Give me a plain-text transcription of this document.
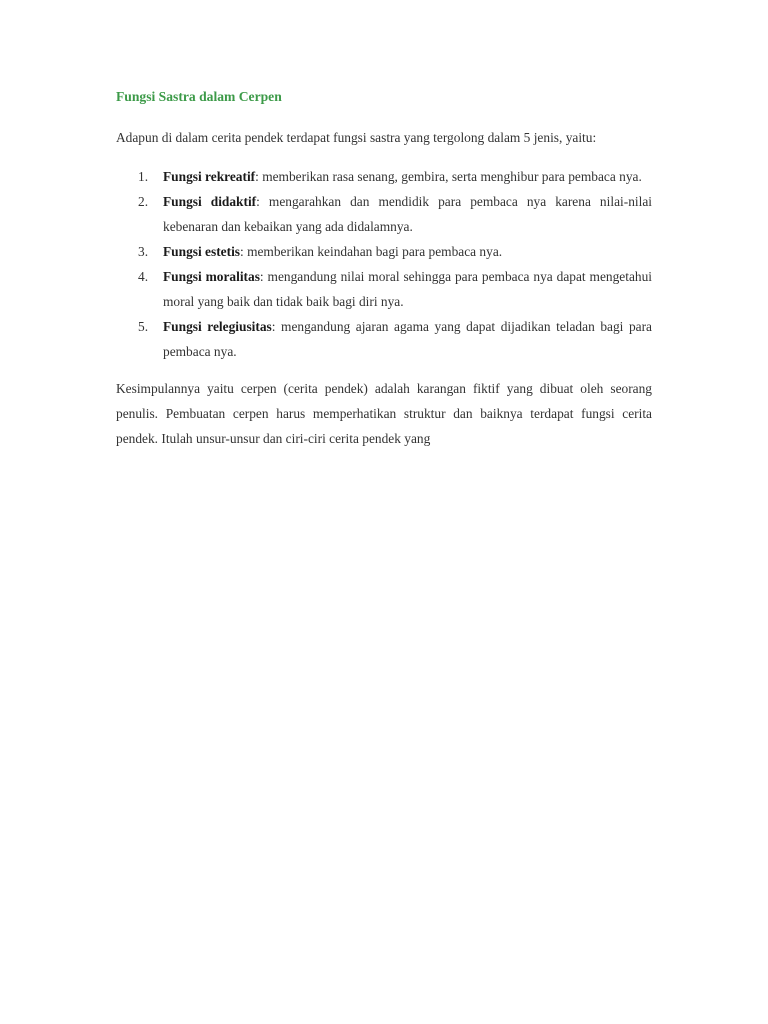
Fungsi Sastra dalam Cerpen

Adapun di dalam cerita pendek terdapat fungsi sastra yang tergolong dalam 5 jenis, yaitu:

1. Fungsi rekreatif: memberikan rasa senang, gembira, serta menghibur para pembaca nya.
2. Fungsi didaktif: mengarahkan dan mendidik para pembaca nya karena nilai-nilai kebenaran dan kebaikan yang ada didalamnya.
3. Fungsi estetis: memberikan keindahan bagi para pembaca nya.
4. Fungsi moralitas: mengandung nilai moral sehingga para pembaca nya dapat mengetahui moral yang baik dan tidak baik bagi diri nya.
5. Fungsi relegiusitas: mengandung ajaran agama yang dapat dijadikan teladan bagi para pembaca nya.

Kesimpulannya yaitu cerpen (cerita pendek) adalah karangan fiktif yang dibuat oleh seorang penulis. Pembuatan cerpen harus memperhatikan struktur dan baiknya terdapat fungsi cerita pendek. Itulah unsur-unsur dan ciri-ciri cerita pendek yang
